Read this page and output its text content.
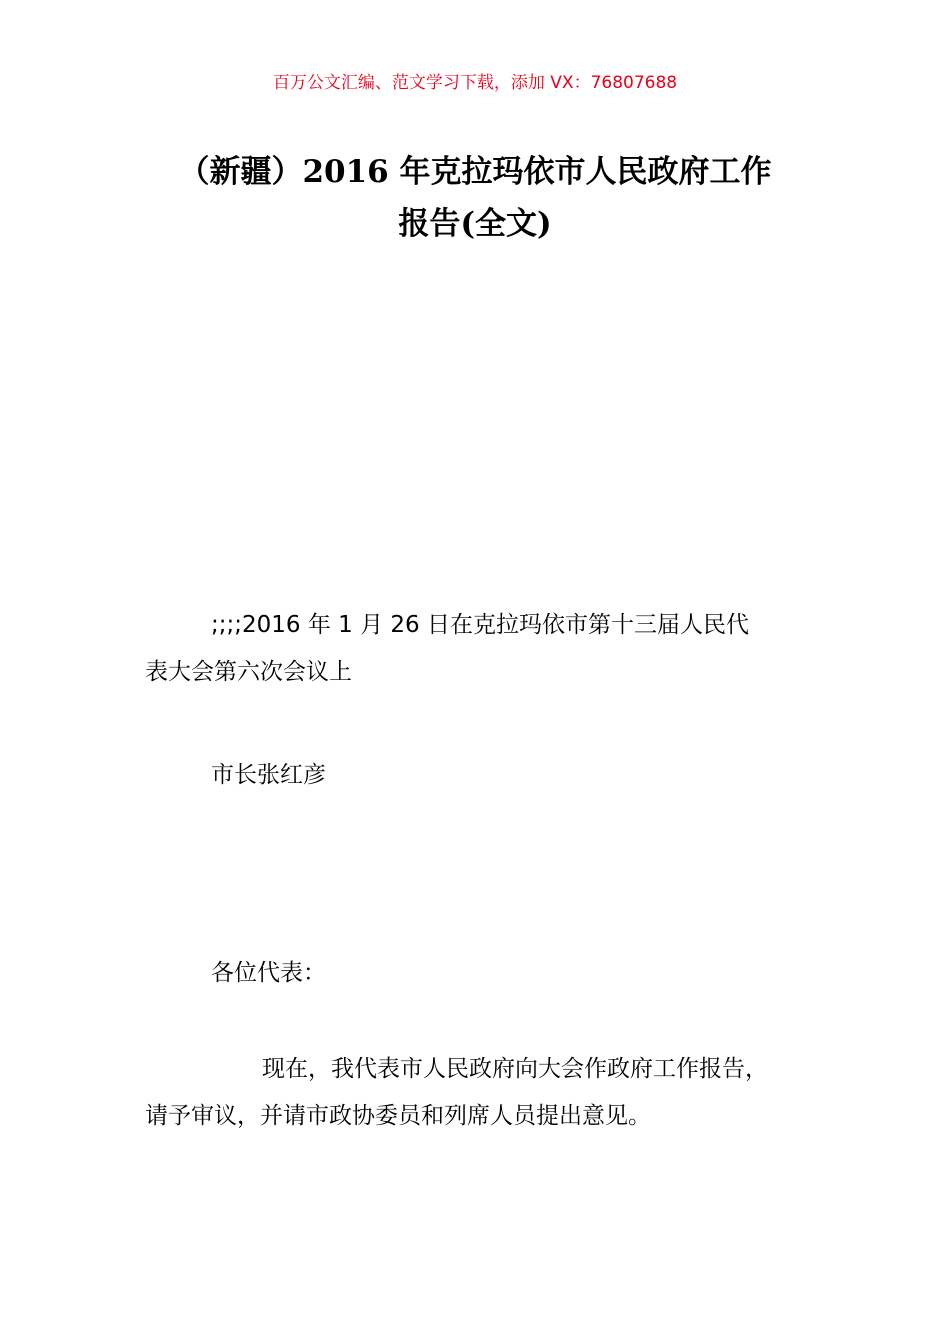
百万公文汇编、范文学习下载，添加 VX：76807688
（新疆）2016 年克拉玛依市人民政府工作
报告(全文)
;;;;2016 年 1 月 26 日在克拉玛依市第十三届人民代
表大会第六次会议上
市长张红彦
各位代表：
现在，我代表市人民政府向大会作政府工作报告，
请予审议，并请市政协委员和列席人员提出意见。
